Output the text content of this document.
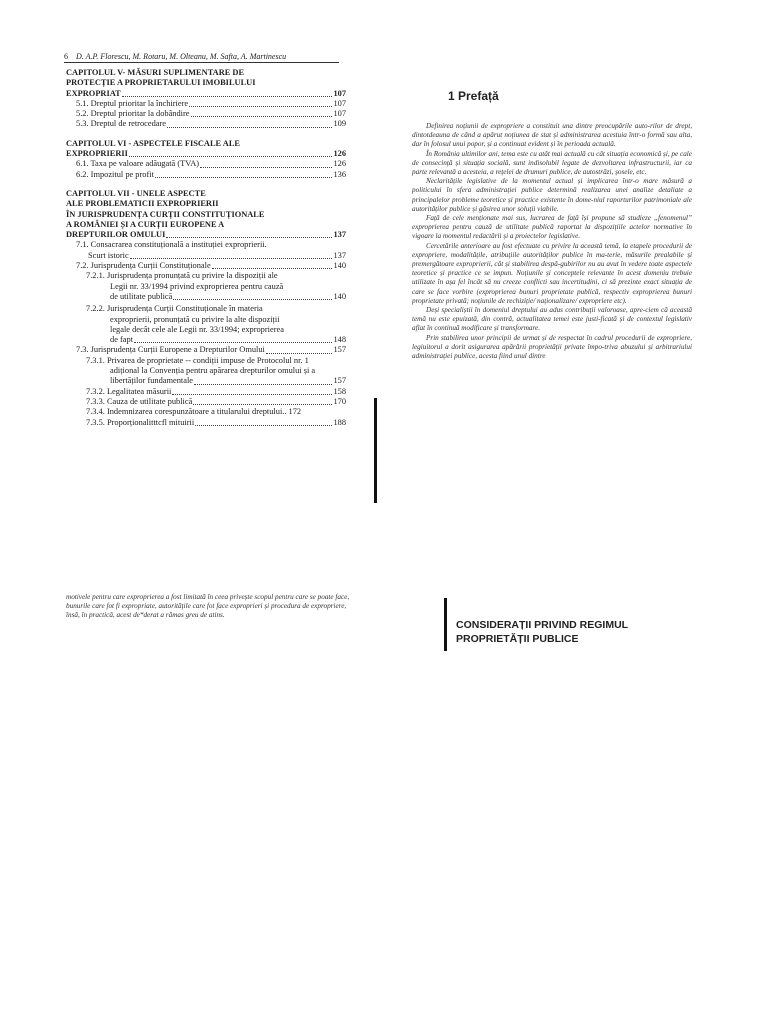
6 D. A.P. Florescu, M. Rotaru, M. Olteanu, M. Safta, A. Martinescu
CAPITOLUL V- MĂSURI SUPLIMENTARE DE
PROTECȚIE A PROPRIETARULUI IMOBILULUI
EXPROPRIAT	107
5.1. Dreptul prioritar la închiriere	107
5.2. Dreptul prioritar la dobândire	107
5.3. Dreptul de retrocedare	109
CAPITOLUL VI - ASPECTELE FISCALE ALE
EXPROPRIERII	126
6.1. Taxa pe valoare adăugată (TVA)	126
6.2. Impozitul pe profit	136
CAPITOLUL VII - UNELE ASPECTE
ALE PROBLEMATICII EXPROPRIERII
ÎN JURISPRUDENȚA CURȚII CONSTITUȚIONALE
A ROMÂNIEI ȘI A CURȚII EUROPENE A
DREPTURILOR OMULUI	137
7.1. Consacrarea constituțională a instituției exproprierii.
Scurt istoric	137
7.2. Jurisprudența Curții Constituționale	140
7.2.1. Jurisprudența pronunțată cu privire la dispoziții ale
Legii nr. 33/1994 privind exproprierea pentru cauză
de utilitate publică	140
7.2.2. Jurisprudența Curții Constituționale în materia
exproprierii, pronunțată cu privire la alte dispoziții
legale decât cele ale Legii nr. 33/1994; exproprierea
de fapt	148
7.3. Jurisprudența Curții Europene a Drepturilor Omului	157
7.3.1. Privarea de proprietate -- condiții impuse de Protocolul nr. 1
adițional la Convenția pentru apărarea drepturilor omului și a
libertăților fundamentale	157
7.3.2. Legalitatea măsurii	158
7.3.3. Cauza de utilitate publică	170
7.3.4. Indemnizarea corespunzătoare a titularului dreptului.. 172
7.3.5. Proporționalitttcfl mituirii	188
1 Prefață

Definirea noțiunii de expropriere a constituit una dintre preocupările auto-rilor de drept, dintotdeauna de când a apărut noțiunea de stat și administrarea acestuia într-o formă sau alta, dar în folosul unui popor, și a continuat evident și în perioada actuală.

În România ultimilor ani, tema este cu atât mai actuală cu cât situația economică și, pe cale de consecință și situația socială, sunt indisolubil legate de dezvoltarea infrastructurii, iar ca parte relevantă a acesteia, a rețelei de drumuri publice, de autostrăzi, șosele, etc.

Neclaritățile legislative de la momentul actual și implicarea într-o mare măsură a politicului în sfera administrației publice determină realizarea unei analize detaliate a principalelor probleme teoretice și practice existente în dome-niul raporturilor patrimoniale ale autorităților publice și găsirea unor soluții viabile.

Față de cele menționate mai sus, lucrarea de față își propune să studieze „fenomenul” exproprierea pentru cauză de utilitate publică raportat la dispozițiile actelor normative în vigoare la momentul redactării și a proiectelor legislative.

Cercetările anterioare au fost efectuate cu privire la această temă, la etapele procedurii de expropriere, modalitățile, atribuțiile autorităților publice în ma-terie, măsurile prealabile și premergătoare exproprierii, cât și stabilirea despă-gubirilor nu au avut în vedere toate aspectele teoretice și practice ce se impun. Noțiunile și conceptele relevante în acest domeniu trebuie utilizate în așa fel încât să nu creeze conflicti sau incertitudini, ci să prezinte exact situația de care se face vorbire (exproprierea bunuri proprietate publică, respectiv exproprierea bunuri proprietate privată; noțiunile de rechiziție/ naționalizare/ expropriere etc).

Deși specialiștii în domeniul dreptului au adus contribuții valoroase, apre-ciem că această temă nu este epuizată, din contră, actualitatea temei este justi-ficată și de contextul legislativ aflat în continuă modificare și transformare.

Prin stabilirea unor principii de urmat și de respectat în cadrul procedurii de expropriere, legiuitorul a dorit asigurarea apărării proprietății private împo-triva abuzului și arbitrariului administrației publice, acesta fiind unul dintre

motivele pentru care exproprierea a fost limitată în ceea privește scopul pentru care se poate face, bunurile care fot fi expropriate, autoritățile care fot face exproprieri și procedura de expropriere, însă, în practică, acest de*derat a rămas greu de atins.

CONSIDERAȚII PRIVIND REGIMUL
PROPRIETĂȚII PUBLICE
